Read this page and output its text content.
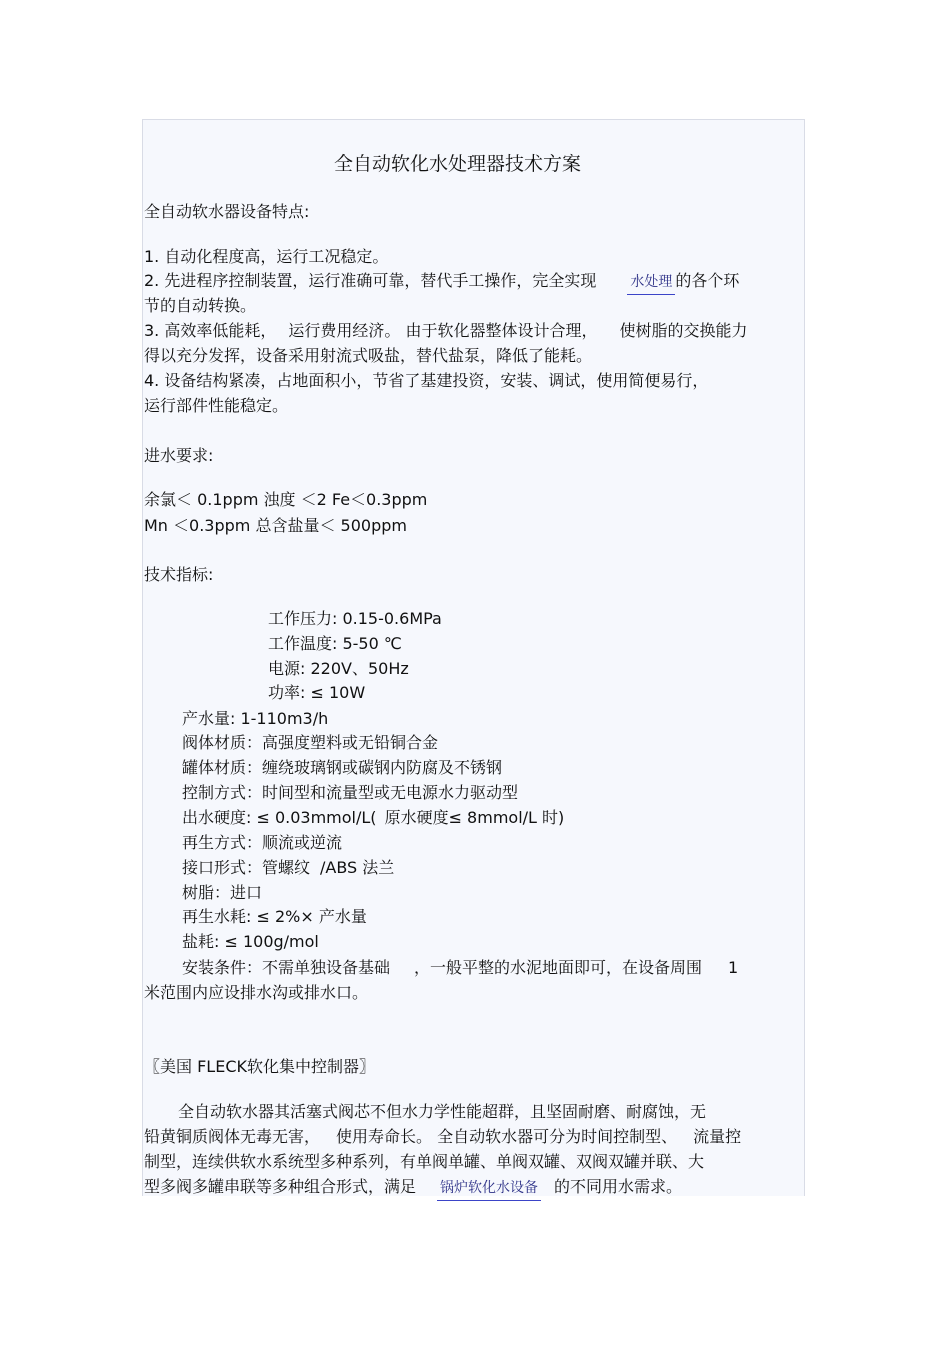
全自动软化水处理器技术方案
全自动软水器设备特点:
1. 自动化程度高，运行工况稳定。
2. 先进程序控制装置，运行准确可靠，替代手工操作，完全实现 水处理 的各个环
节的自动转换。
3. 高效率低能耗， 运行费用经济。 由于软化器整体设计合理， 使树脂的交换能力
得以充分发挥，设备采用射流式吸盐，替代盐泵，降低了能耗。
4. 设备结构紧凑，占地面积小，节省了基建投资，安装、调试，使用简便易行，
运行部件性能稳定。
进水要求:
余氯＜ 0.1ppm 浊度 ＜2 Fe＜0.3ppm
Mn ＜0.3ppm 总含盐量＜ 500ppm
技术指标:
工作压力: 0.15-0.6MPa
工作温度: 5-50 ℃
电源: 220V、50Hz
功率: ≤ 10W
产水量: 1-110m3/h
阀体材质：高强度塑料或无铅铜合金
罐体材质：缠绕玻璃钢或碳钢内防腐及不锈钢
控制方式：时间型和流量型或无电源水力驱动型
出水硬度: ≤ 0.03mmol/L( 原水硬度≤ 8mmol/L 时)
再生方式：顺流或逆流
接口形式：管螺纹 /ABS 法兰
树脂：进口
再生水耗: ≤ 2%× 产水量
盐耗: ≤ 100g/mol
安装条件：不需单独设备基础 ，一般平整的水泥地面即可，在设备周围 1
米范围内应设排水沟或排水口。
〖美国 FLECK软化集中控制器〗
全自动软水器其活塞式阀芯不但水力学性能超群，且坚固耐磨、耐腐蚀，无
铅黄铜质阀体无毒无害， 使用寿命长。 全自动软水器可分为时间控制型、 流量控
制型，连续供软水系统型多种系列，有单阀单罐、单阀双罐、双阀双罐并联、大
型多阀多罐串联等多种组合形式，满足 锅炉软化水设备 的不同用水需求。
